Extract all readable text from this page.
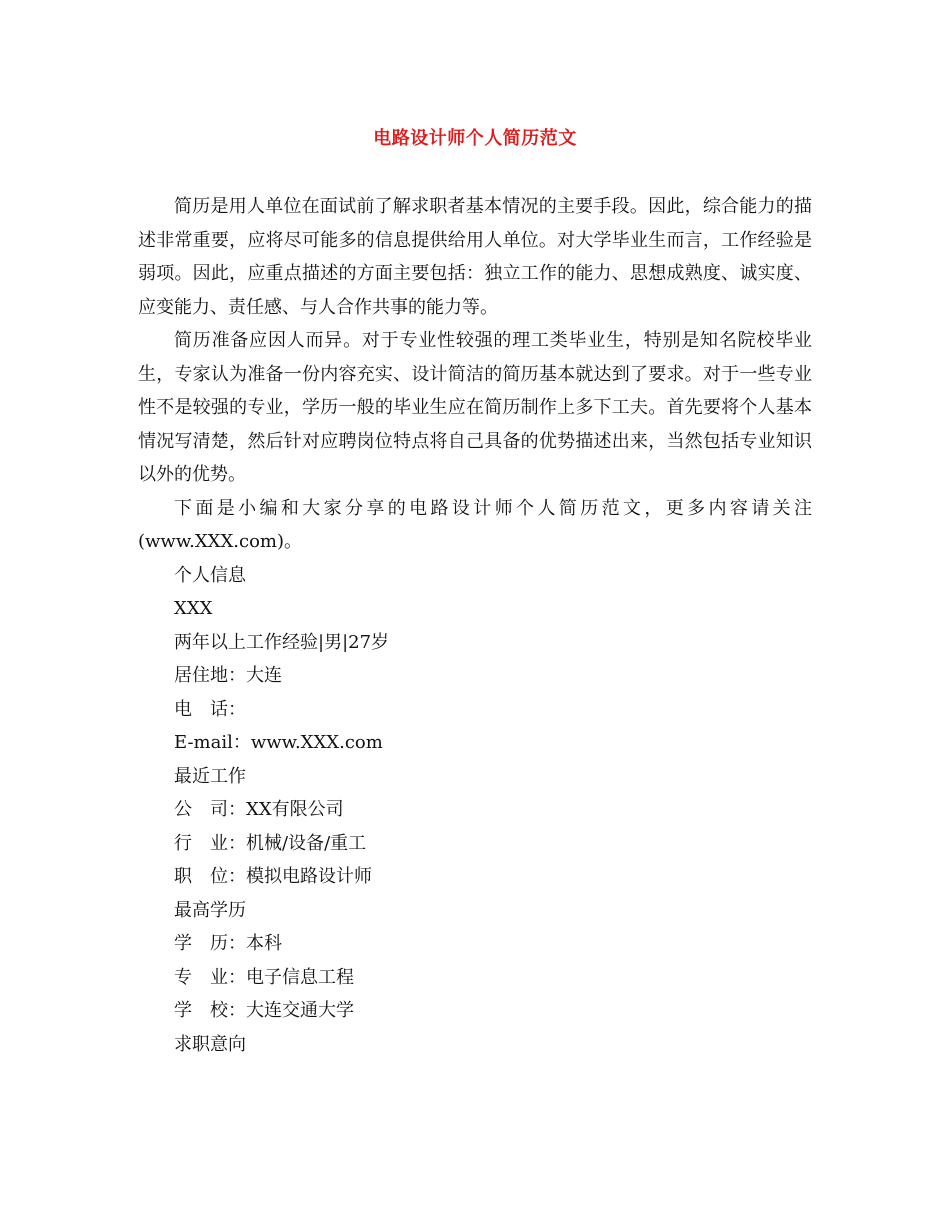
电路设计师个人简历范文

简历是用人单位在面试前了解求职者基本情况的主要手段。因此，综合能力的描述非常重要，应将尽可能多的信息提供给用人单位。对大学毕业生而言，工作经验是弱项。因此，应重点描述的方面主要包括：独立工作的能力、思想成熟度、诚实度、应变能力、责任感、与人合作共事的能力等。

简历准备应因人而异。对于专业性较强的理工类毕业生，特别是知名院校毕业生，专家认为准备一份内容充实、设计简洁的简历基本就达到了要求。对于一些专业性不是较强的专业，学历一般的毕业生应在简历制作上多下工夫。首先要将个人基本情况写清楚，然后针对应聘岗位特点将自己具备的优势描述出来，当然包括专业知识以外的优势。

下面是小编和大家分享的电路设计师个人简历范文，更多内容请关注(www.XXX.com)。

个人信息

XXX

两年以上工作经验|男|27岁

居住地：大连

电　话：

E-mail：www.XXX.com

最近工作

公　司：XX有限公司

行　业：机械/设备/重工

职　位：模拟电路设计师

最高学历

学　历：本科

专　业：电子信息工程

学　校：大连交通大学

求职意向
